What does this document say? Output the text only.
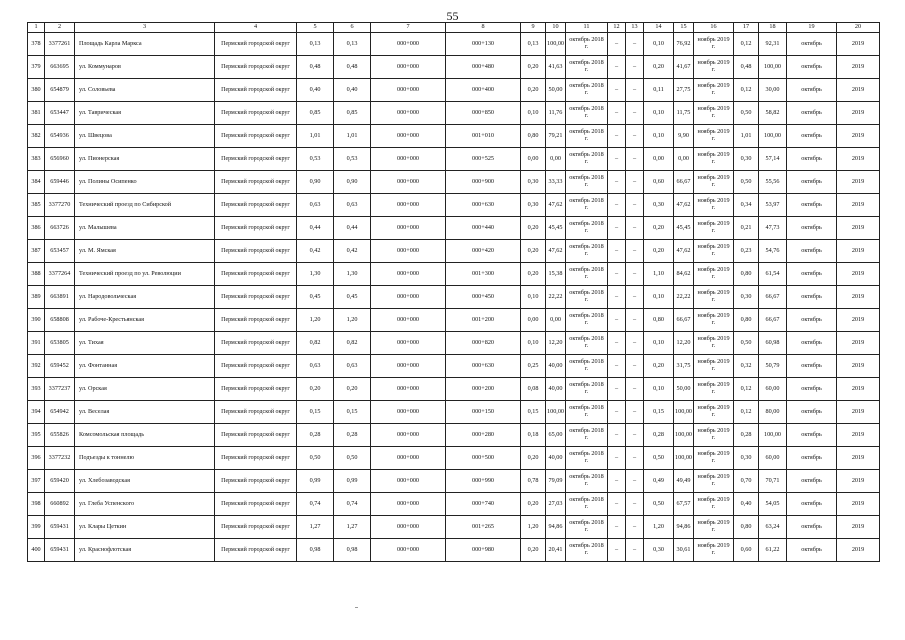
55
1	2	3	4	5	6	7	8	9	10	11	12	13	14	15	16	17	18	19	20
378	3377261	Площадь Карла Маркса	Пермский городской округ	0,13	0,13	000+000	000+130	0,13	100,00	октябрь 2018 г.	–	–	0,10	76,92	ноябрь 2019 г.	0,12	92,31	октябрь	2019
379	663695	ул. Коммунаров	Пермский городской округ	0,48	0,48	000+000	000+480	0,20	41,63	октябрь 2018 г.	–	–	0,20	41,67	ноябрь 2019 г.	0,48	100,00	октябрь	2019
380	654879	ул. Соловьева	Пермский городской округ	0,40	0,40	000+000	000+400	0,20	50,00	октябрь 2018 г.	–	–	0,11	27,75	ноябрь 2019 г.	0,12	30,00	октябрь	2019
381	653447	ул. Таврическая	Пермский городской округ	0,85	0,85	000+000	000+850	0,10	11,76	октябрь 2018 г.	–	–	0,10	11,75	ноябрь 2019 г.	0,50	58,82	октябрь	2019
382	654936	ул. Швецова	Пермский городской округ	1,01	1,01	000+000	001+010	0,80	79,21	октябрь 2018 г.	–	–	0,10	9,90	ноябрь 2019 г.	1,01	100,00	октябрь	2019
383	656960	ул. Пионерская	Пермский городской округ	0,53	0,53	000+000	000+525	0,00	0,00	октябрь 2018 г.	–	–	0,00	0,00	ноябрь 2019 г.	0,30	57,14	октябрь	2019
384	659446	ул. Полины Осипенко	Пермский городской округ	0,90	0,90	000+000	000+900	0,30	33,33	октябрь 2018 г.	–	–	0,60	66,67	ноябрь 2019 г.	0,50	55,56	октябрь	2019
385	3377270	Технический проезд по Сибирской	Пермский городской округ	0,63	0,63	000+000	000+630	0,30	47,62	октябрь 2018 г.	–	–	0,30	47,62	ноябрь 2019 г.	0,34	53,97	октябрь	2019
386	663726	ул. Малышева	Пермский городской округ	0,44	0,44	000+000	000+440	0,20	45,45	октябрь 2018 г.	–	–	0,20	45,45	ноябрь 2019 г.	0,21	47,73	октябрь	2019
387	653457	ул. М. Ямская	Пермский городской округ	0,42	0,42	000+000	000+420	0,20	47,62	октябрь 2018 г.	–	–	0,20	47,62	ноябрь 2019 г.	0,23	54,76	октябрь	2019
388	3377264	Технический проезд по ул. Революции	Пермский городской округ	1,30	1,30	000+000	001+300	0,20	15,38	октябрь 2018 г.	–	–	1,10	84,62	ноябрь 2019 г.	0,80	61,54	октябрь	2019
389	663891	ул. Народовольческая	Пермский городской округ	0,45	0,45	000+000	000+450	0,10	22,22	октябрь 2018 г.	–	–	0,10	22,22	ноябрь 2019 г.	0,30	66,67	октябрь	2019
390	658808	ул. Рабоче-Крестьянская	Пермский городской округ	1,20	1,20	000+000	001+200	0,00	0,00	октябрь 2018 г.	–	–	0,80	66,67	ноябрь 2019 г.	0,80	66,67	октябрь	2019
391	653805	ул. Тихая	Пермский городской округ	0,82	0,82	000+000	000+820	0,10	12,20	октябрь 2018 г.	–	–	0,10	12,20	ноябрь 2019 г.	0,50	60,98	октябрь	2019
392	659452	ул. Фонтанная	Пермский городской округ	0,63	0,63	000+000	000+630	0,25	40,00	октябрь 2018 г.	–	–	0,20	31,75	ноябрь 2019 г.	0,32	50,79	октябрь	2019
393	3377237	ул. Орская	Пермский городской округ	0,20	0,20	000+000	000+200	0,08	40,00	октябрь 2018 г.	–	–	0,10	50,00	ноябрь 2019 г.	0,12	60,00	октябрь	2019
394	654942	ул. Веселая	Пермский городской округ	0,15	0,15	000+000	000+150	0,15	100,00	октябрь 2018 г.	–	–	0,15	100,00	ноябрь 2019 г.	0,12	80,00	октябрь	2019
395	655826	Комсомольская площадь	Пермский городской округ	0,28	0,28	000+000	000+280	0,18	65,00	октябрь 2018 г.	–	–	0,28	100,00	ноябрь 2019 г.	0,28	100,00	октябрь	2019
396	3377232	Подъезды к тоннелю	Пермский городской округ	0,50	0,50	000+000	000+500	0,20	40,00	октябрь 2018 г.	–	–	0,50	100,00	ноябрь 2019 г.	0,30	60,00	октябрь	2019
397	659420	ул. Хлебозаводская	Пермский городской округ	0,99	0,99	000+000	000+990	0,78	79,09	октябрь 2018 г.	–	–	0,49	49,49	ноябрь 2019 г.	0,70	70,71	октябрь	2019
398	660892	ул. Глеба Успенского	Пермский городской округ	0,74	0,74	000+000	000+740	0,20	27,03	октябрь 2018 г.	–	–	0,50	67,57	ноябрь 2019 г.	0,40	54,05	октябрь	2019
399	659431	ул. Клары Цеткин	Пермский городской округ	1,27	1,27	000+000	001+265	1,20	94,86	октябрь 2018 г.	–	–	1,20	94,86	ноябрь 2019 г.	0,80	63,24	октябрь	2019
400	659431	ул. Краснофлотская	Пермский городской округ	0,98	0,98	000+000	000+980	0,20	20,41	октябрь 2018 г.	–	–	0,30	30,61	ноябрь 2019 г.	0,60	61,22	октябрь	2019
